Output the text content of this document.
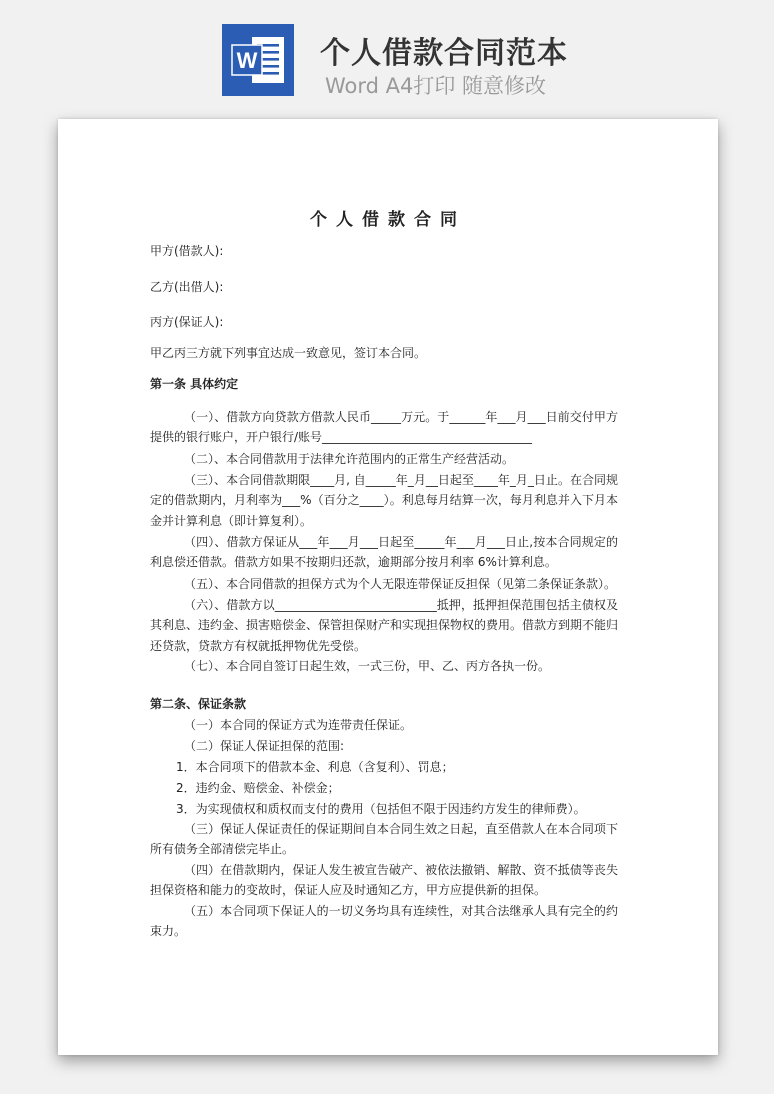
W 个人借款合同范本
Word A4打印 随意修改

个人借款合同
甲方(借款人):
乙方(出借人):
丙方(保证人):
甲乙丙三方就下列事宜达成一致意见，签订本合同。
第一条 具体约定
（一）、借款方向贷款方借款人民币_____万元。于______年___月___日前交付甲方提供的银行账户，开户银行/账号___________________________________
（二）、本合同借款用于法律允许范围内的正常生产经营活动。
（三）、本合同借款期限____月, 自_____年_月__日起至____年_月_日止。在合同规定的借款期内，月利率为___%（百分之____）。利息每月结算一次，每月利息并入下月本金并计算利息（即计算复利）。
（四）、借款方保证从___年___月___日起至_____年___月___日止,按本合同规定的利息偿还借款。借款方如果不按期归还款，逾期部分按月利率 6%计算利息。
（五）、本合同借款的担保方式为个人无限连带保证反担保（见第二条保证条款）。
（六）、借款方以___________________________抵押，抵押担保范围包括主债权及其利息、违约金、损害赔偿金、保管担保财产和实现担保物权的费用。借款方到期不能归还贷款，贷款方有权就抵押物优先受偿。
（七）、本合同自签订日起生效，一式三份，甲、乙、丙方各执一份。
第二条、保证条款
（一）本合同的保证方式为连带责任保证。
（二）保证人保证担保的范围:
1．本合同项下的借款本金、利息（含复利）、罚息；
2．违约金、赔偿金、补偿金；
3．为实现债权和质权而支付的费用（包括但不限于因违约方发生的律师费）。
（三）保证人保证责任的保证期间自本合同生效之日起，直至借款人在本合同项下所有债务全部清偿完毕止。
（四）在借款期内，保证人发生被宣告破产、被依法撤销、解散、资不抵债等丧失担保资格和能力的变故时，保证人应及时通知乙方，甲方应提供新的担保。
（五）本合同项下保证人的一切义务均具有连续性，对其合法继承人具有完全的约束力。
